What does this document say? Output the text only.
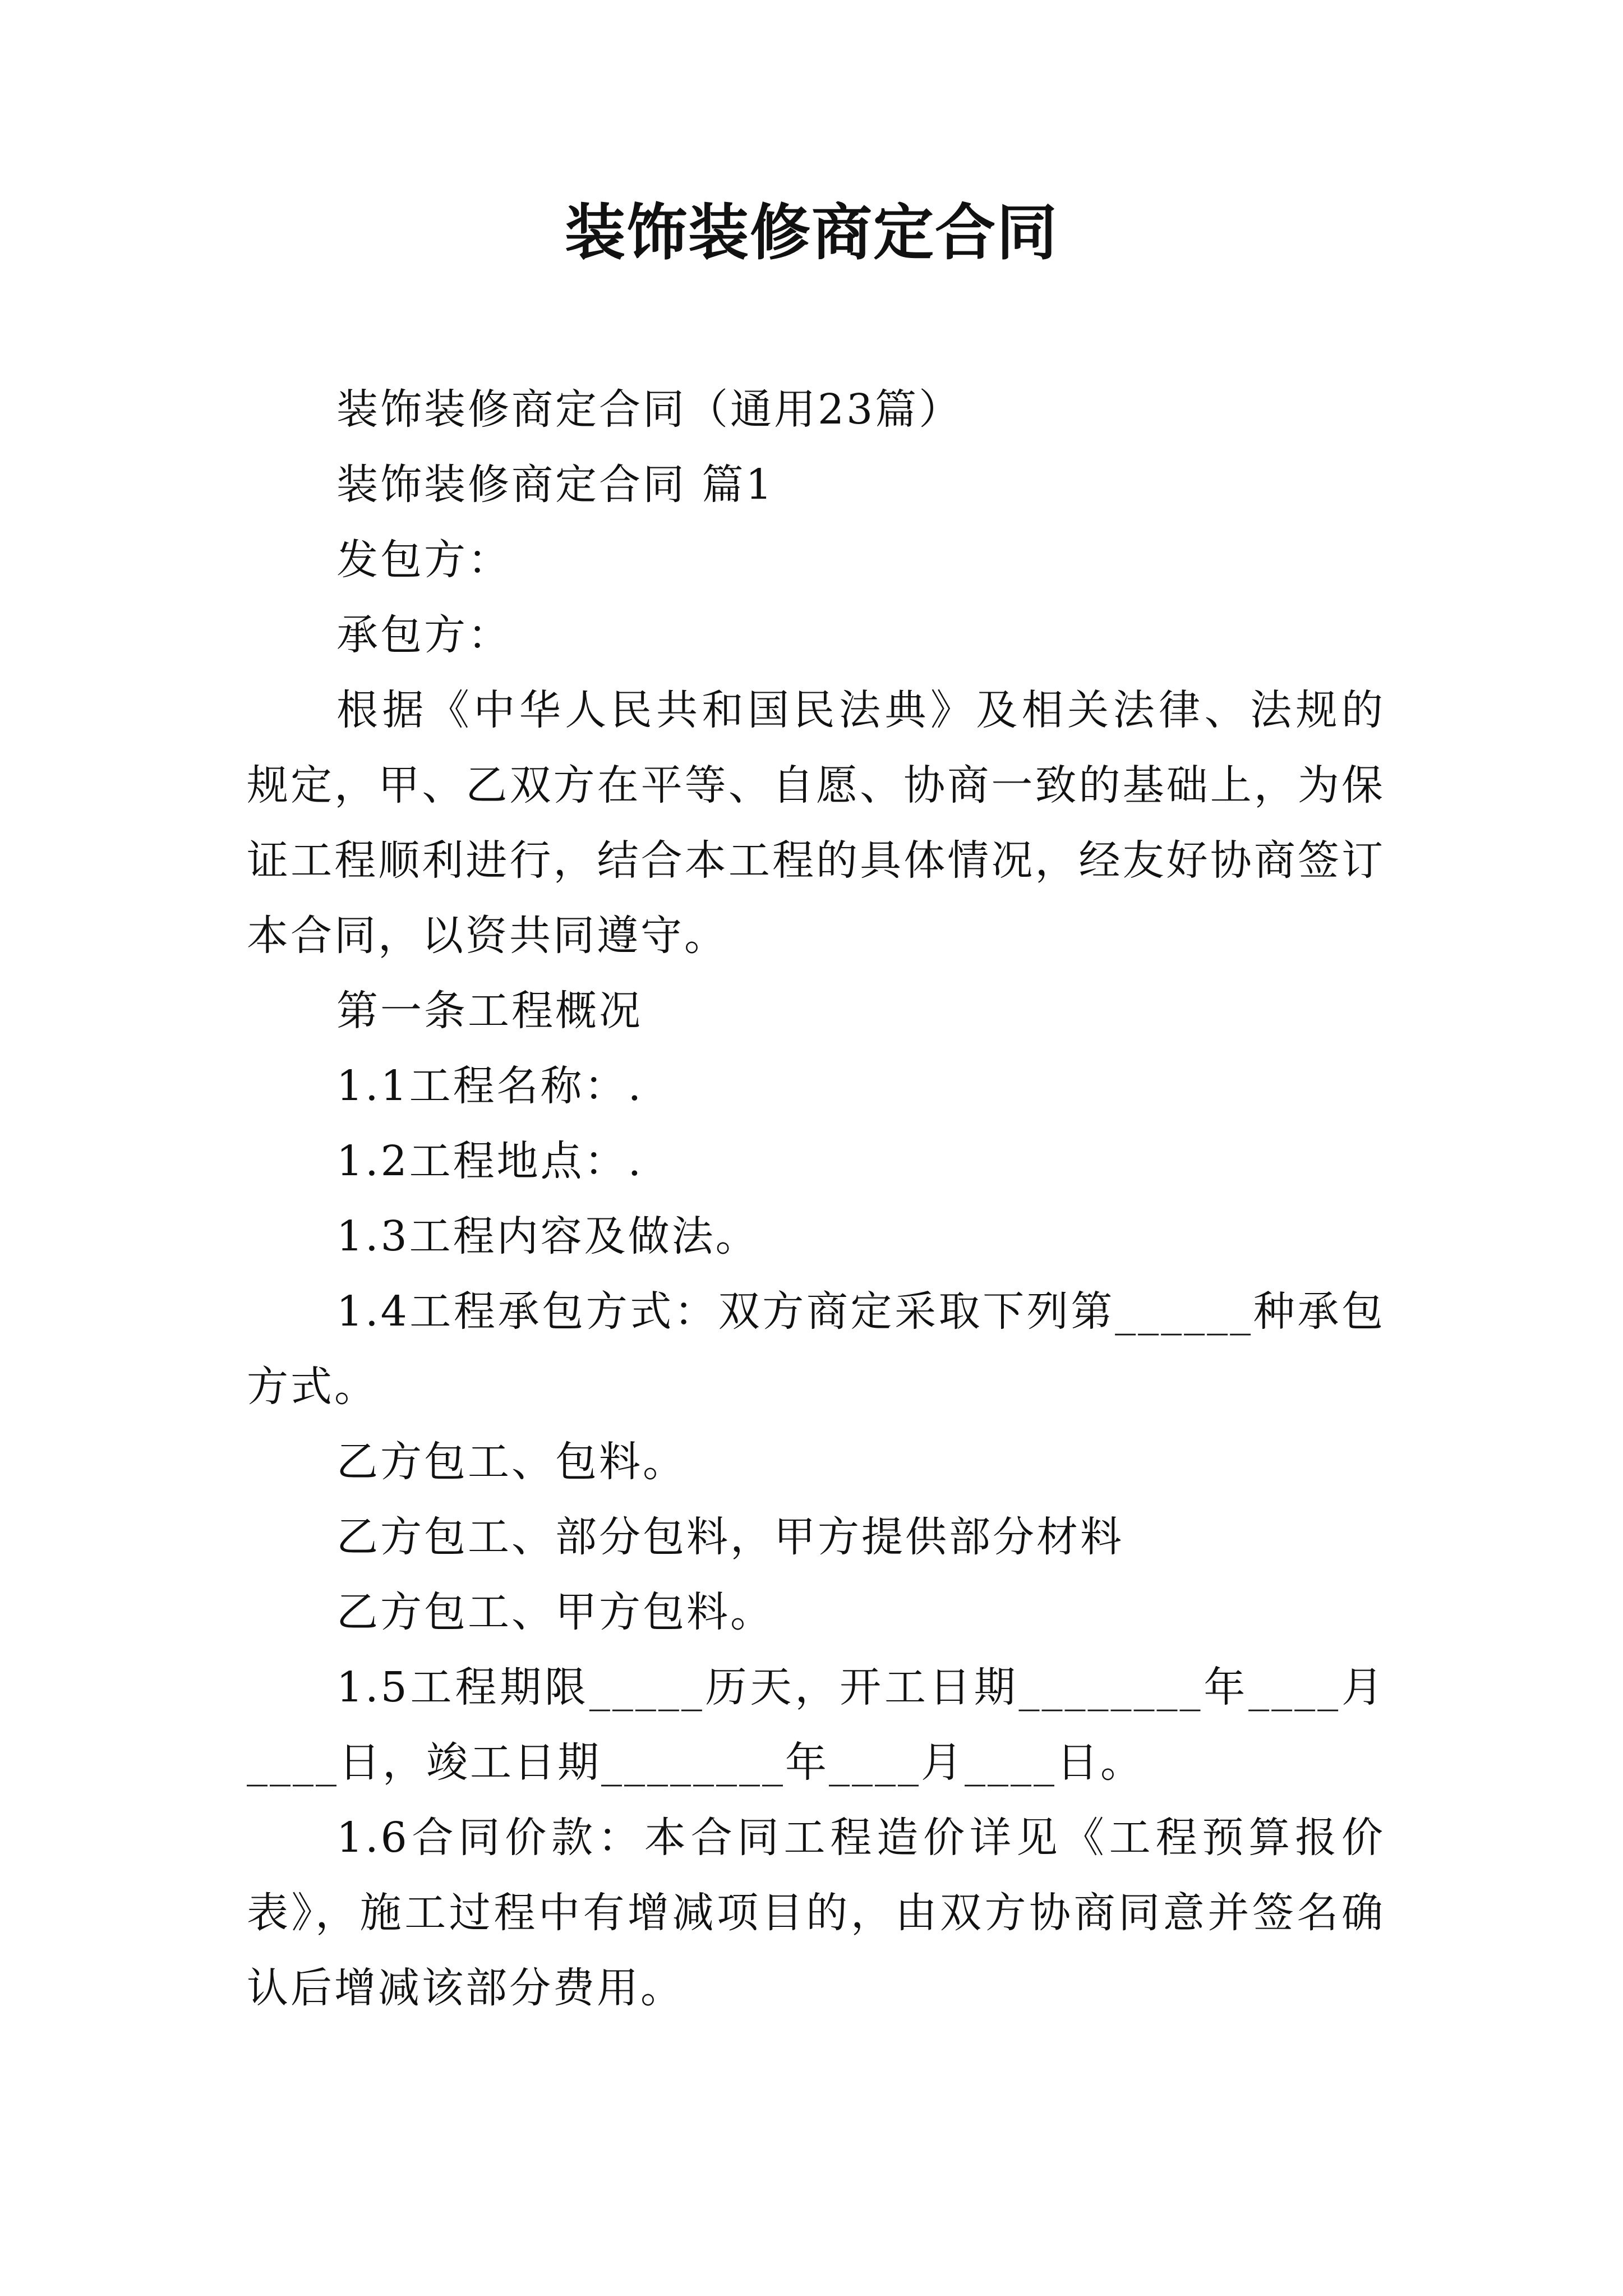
装饰装修商定合同

装饰装修商定合同（通用23篇）

装饰装修商定合同 篇1

发包方：

承包方：

根据《中华人民共和国民法典》及相关法律、法规的规定，甲、乙双方在平等、自愿、协商一致的基础上，为保证工程顺利进行，结合本工程的具体情况，经友好协商签订本合同，以资共同遵守。

第一条工程概况

1.1工程名称：.

1.2工程地点：.

1.3工程内容及做法。

1.4工程承包方式：双方商定采取下列第______种承包方式。

乙方包工、包料。

乙方包工、部分包料，甲方提供部分材料

乙方包工、甲方包料。

1.5工程期限_____历天，开工日期________年____月____日，竣工日期________年____月____日。

1.6合同价款：本合同工程造价详见《工程预算报价表》，施工过程中有增减项目的，由双方协商同意并签名确认后增减该部分费用。
